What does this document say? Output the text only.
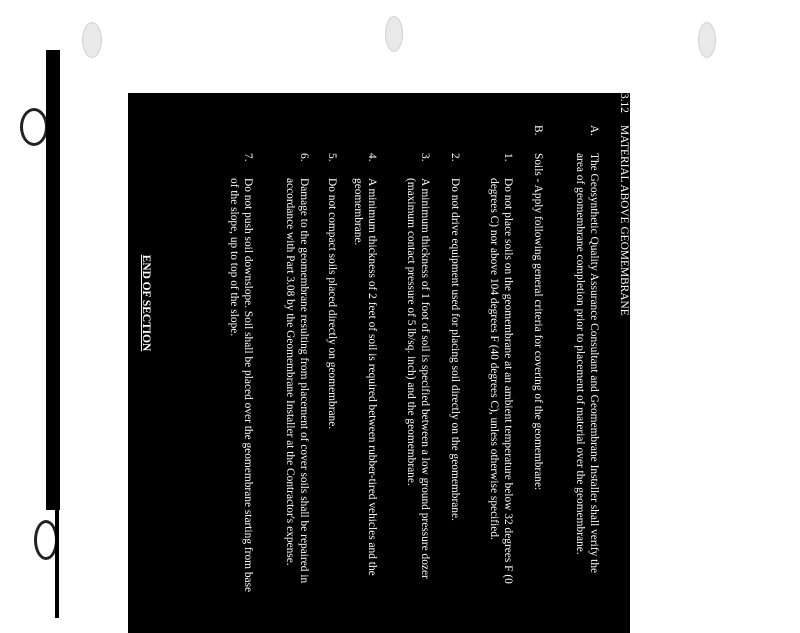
HIGH DENSITY POLYETHYLENE (HDPE) GEOMEMBRANE
3.12
MATERIAL ABOVE GEOMEMBRANE
A.
The Geosynthetic Quality Assurance Consultant and Geomembrane Installer shall verify the area of geomembrane completion prior to placement of material over the geomembrane.
B.
Soils - Apply following general criteria for covering of the geomembrane:
1.
Do not place soils on the geomembrane at an ambient temperature below 32 degrees F (0 degrees C) nor above 104 degrees F (40 degrees C), unless otherwise specified.
2.
Do not drive equipment used for placing soil directly on the geomembrane.
3.
A minimum thickness of 1 foot of soil is specified between a low ground pressure dozer (maximum contact pressure of 5 lb/sq. inch) and the geomembrane.
4.
A minimum thickness of 2 feet of soil is required between rubber-tired vehicles and the geomembrane.
5.
Do not compact soils placed directly on geomembrane.
6.
Damage to the geomembrane resulting from placement of cover soils shall be repaired in accordance with Part 3.08 by the Geomembrane Installer at the Contractor's expense.
7.
Do not push soil downslope. Soil shall be placed over the geomembrane starting from base of the slope, up to top of the slope.
END OF SECTION
